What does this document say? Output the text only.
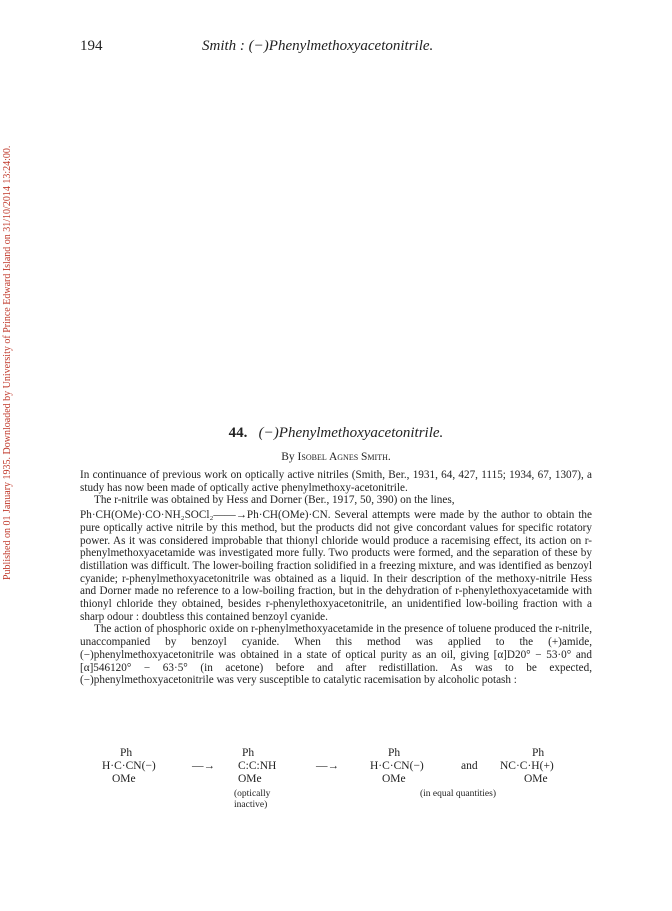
Published on 01 January 1935. Downloaded by University of Prince Edward Island on 31/10/2014 13:24:00.
194	Smith : (−)Phenylmethoxyacetonitrile.
44. (−)Phenylmethoxyacetonitrile.
By Isobel Agnes Smith.

In continuance of previous work on optically active nitriles (Smith, Ber., 1931, 64, 427, 1115; 1934, 67, 1307), a study has now been made of optically active phenylmethoxy-acetonitrile.

The r-nitrile was obtained by Hess and Dorner (Ber., 1917, 50, 390) on the lines,

Ph·CH(OMe)·CO·NH₂SOCl₂——→Ph·CH(OMe)·CN. Several attempts were made by the author to obtain the pure optically active nitrile by this method, but the products did not give concordant values for specific rotatory power. As it was considered improbable that thionyl chloride would produce a racemising effect, its action on r-phenylmethoxyacetamide was investigated more fully. Two products were formed, and the separation of these by distillation was difficult. The lower-boiling fraction solidified in a freezing mixture, and was identified as benzoyl cyanide; r-phenylmethoxyacetonitrile was obtained as a liquid. In their description of the methoxy-nitrile Hess and Dorner made no reference to a low-boiling fraction, but in the dehydration of r-phenylethoxyacetamide with thionyl chloride they obtained, besides r-phenylethoxyacetonitrile, an unidentified low-boiling fraction with a sharp odour : doubtless this contained benzoyl cyanide.

The action of phosphoric oxide on r-phenylmethoxyacetamide in the presence of toluene produced the r-nitrile, unaccompanied by benzoyl cyanide. When this method was applied to the (+)amide, (−)phenylmethoxyacetonitrile was obtained in a state of optical purity as an oil, giving [α]D20° − 53·0° and [α]546120° − 63·5° (in acetone) before and after redistillation. As was to be expected, (−)phenylmethoxyacetonitrile was very susceptible to catalytic racemisation by alcoholic potash :

Ph
H·C·CN(−)
OMe
—→
Ph
C:C:NH
OMe
(optically
inactive)
—→
Ph
H·C·CN(−)
OMe
and
Ph
NC·C·H(+)
OMe
(in equal quantities)
